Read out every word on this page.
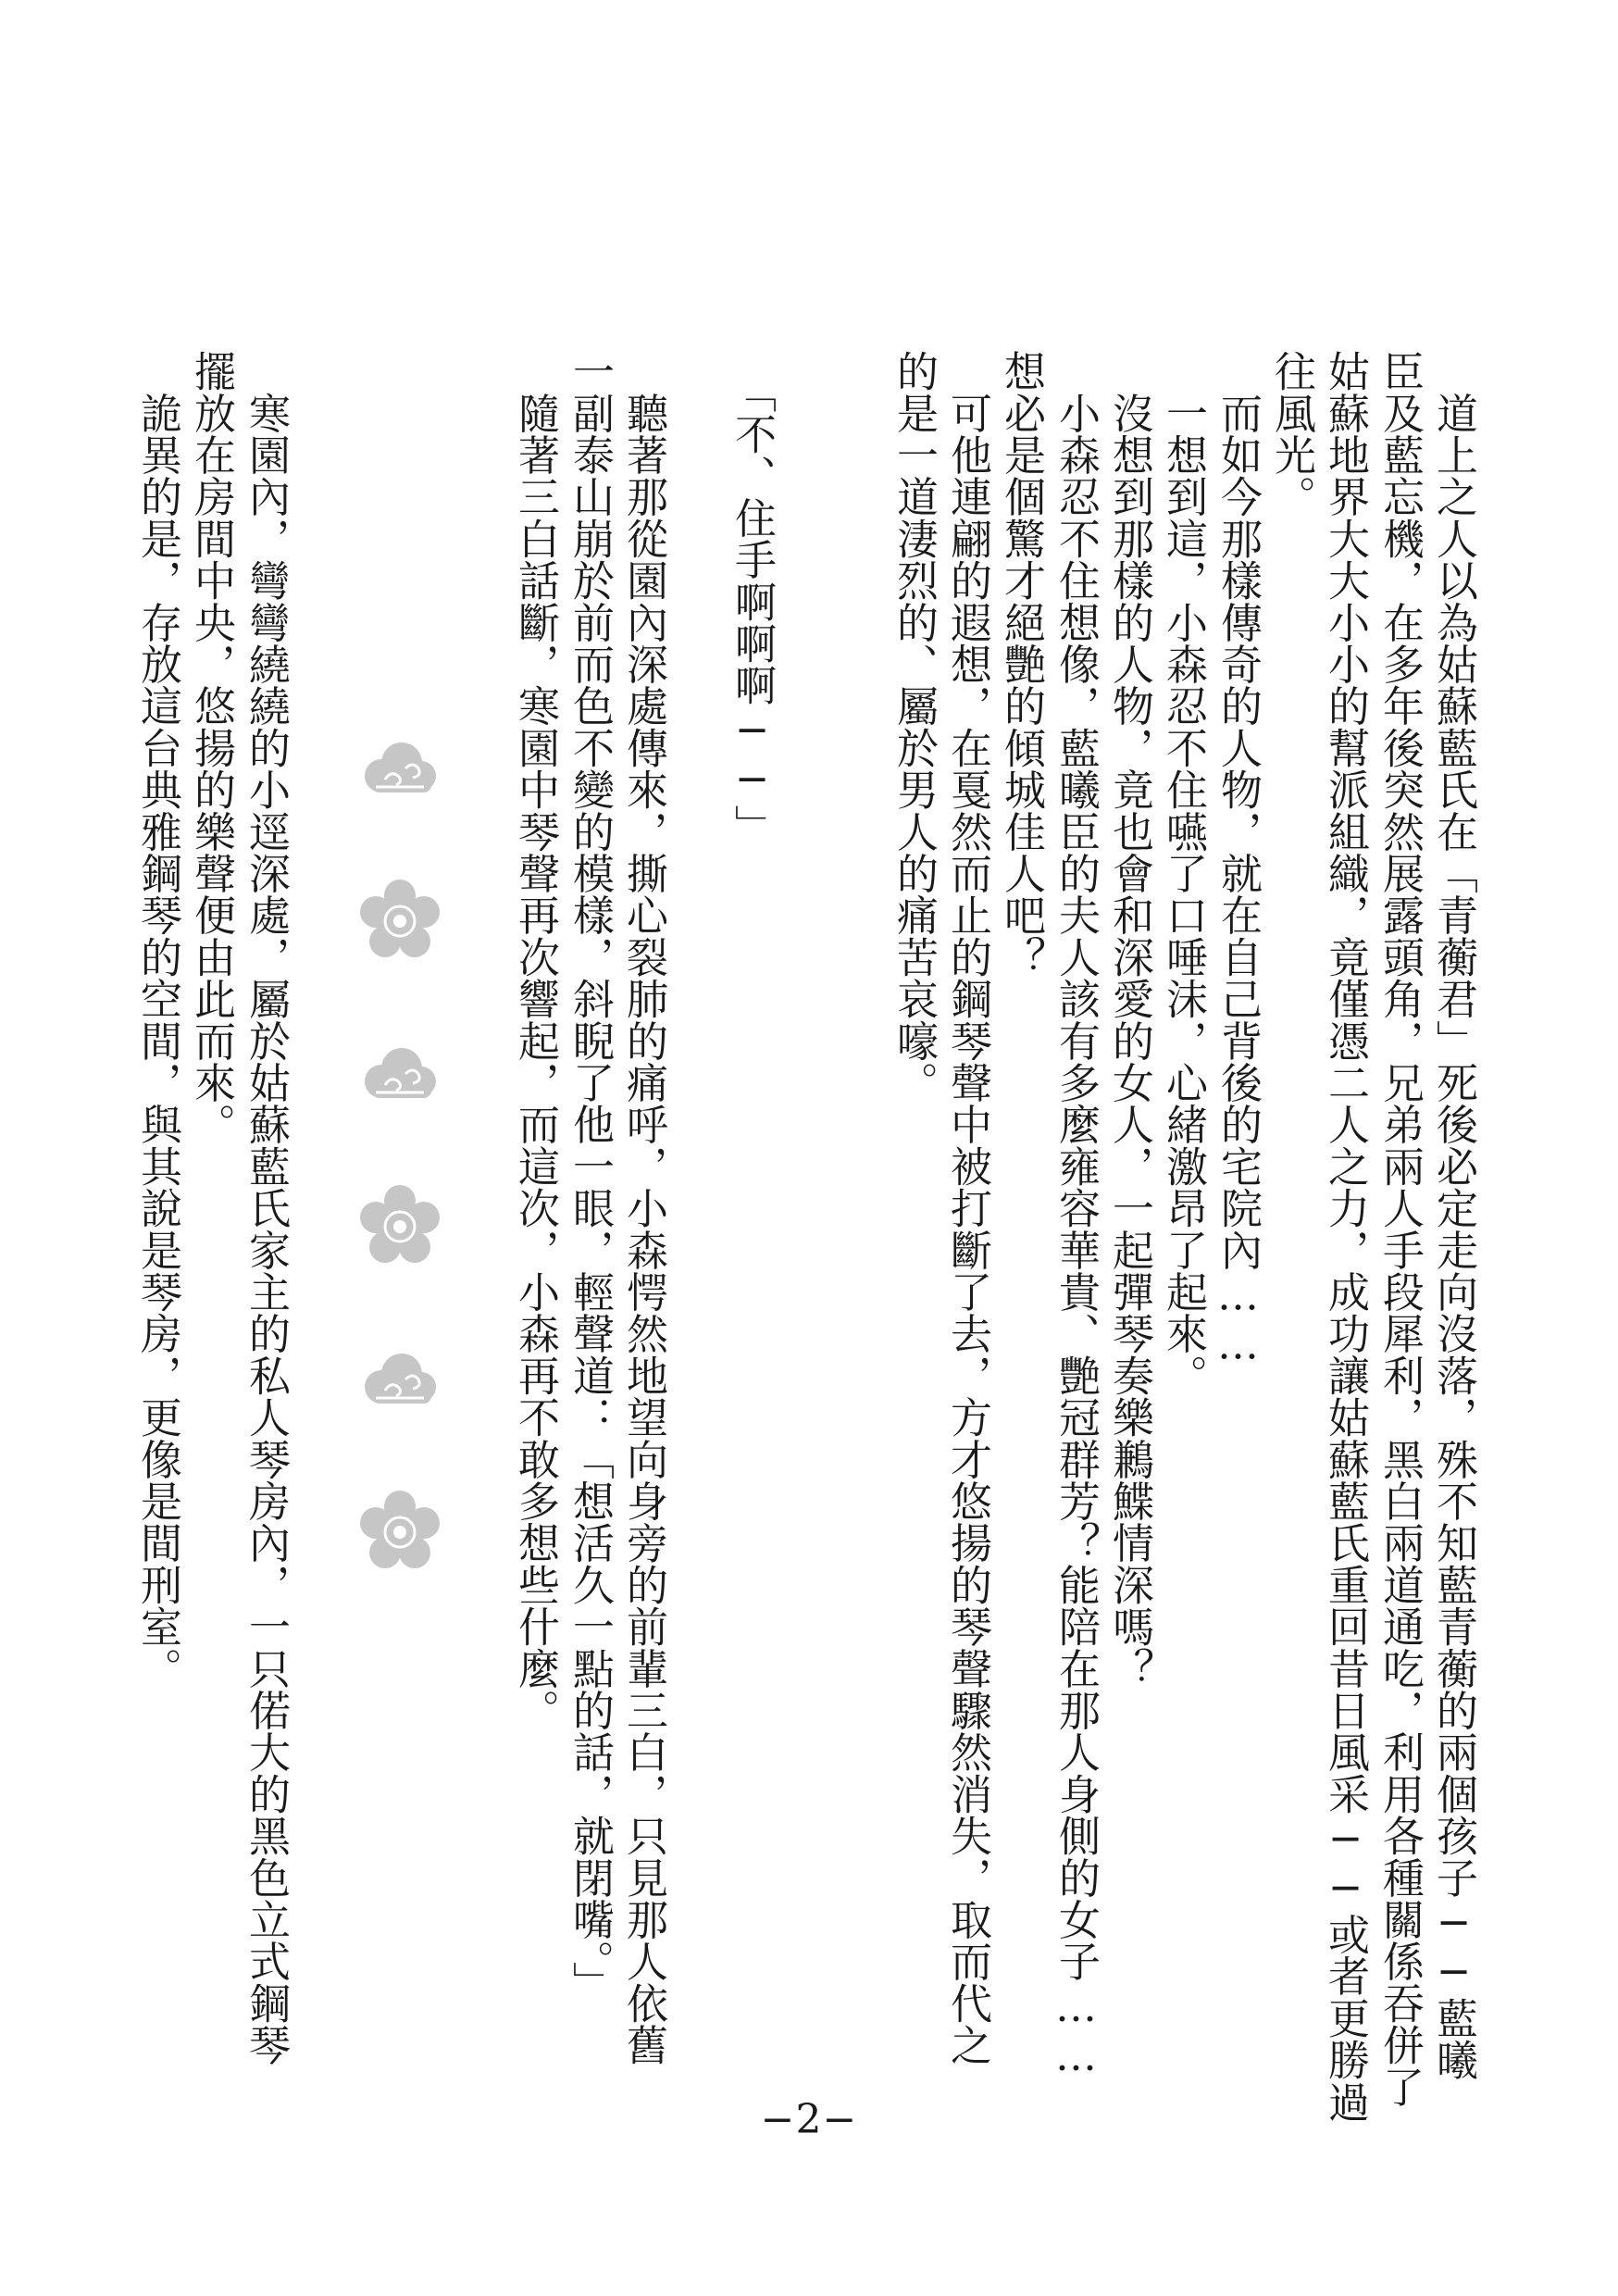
　道上之人以為姑蘇藍氏在「青蘅君」死後必定走向沒落，殊不知藍青蘅的兩個孩子──藍曦
臣及藍忘機，在多年後突然展露頭角，兄弟兩人手段犀利，黑白兩道通吃，利用各種關係吞併了
姑蘇地界大大小小的幫派組織，竟僅憑二人之力，成功讓姑蘇藍氏重回昔日風采──或者更勝過
往風光。
　而如今那樣傳奇的人物，就在自己背後的宅院內……
　一想到這，小森忍不住嚥了口唾沫，心緒激昂了起來。
　沒想到那樣的人物，竟也會和深愛的女人，一起彈琴奏樂鶼鰈情深嗎？
　小森忍不住想像，藍曦臣的夫人該有多麼雍容華貴、艷冠群芳？能陪在那人身側的女子……
想必是個驚才絕艷的傾城佳人吧？
　可他連翩的遐想，在戛然而止的鋼琴聲中被打斷了去，方才悠揚的琴聲驟然消失，取而代之
的是一道淒烈的、屬於男人的痛苦哀嚎。
　「不、住手啊啊啊──」
　聽著那從園內深處傳來，撕心裂肺的痛呼，小森愕然地望向身旁的前輩三白，只見那人依舊
一副泰山崩於前而色不變的模樣，斜睨了他一眼，輕聲道：「想活久一點的話，就閉嘴。」
　隨著三白話斷，寒園中琴聲再次響起，而這次，小森再不敢多想些什麼。
　寒園內，彎彎繞繞的小逕深處，屬於姑蘇藍氏家主的私人琴房內，一只偌大的黑色立式鋼琴
擺放在房間中央，悠揚的樂聲便由此而來。
　詭異的是，存放這台典雅鋼琴的空間，與其說是琴房，更像是間刑室。
−2−
